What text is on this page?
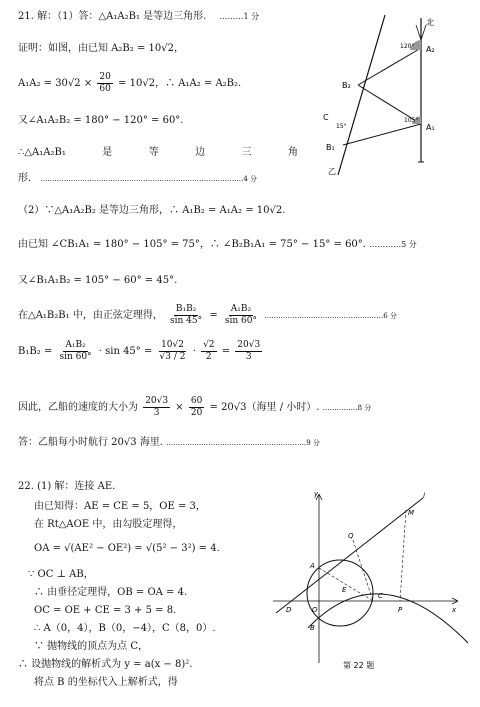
21. 解：（1）答：△A₁A₂B₁ 是等边三角形. ………1 分
证明：如图，由已知 A₂B₂ = 10√2，
$A_1A_2 = 30√2 \times \frac{20}{60} = 10√2$，∴ A₁A₂ = A₂B₂.
又∠A₁A₂B₂ = 180° − 120° = 60°.
∴△A₁A₂B₁	是	等	边	三	角
形. ……………………………………………………………………………4 分
北
120°
105°
A₂
A₁
B₂
C
15°
B₁
乙
（2）∵△A₁A₂B₂ 是等边三角形，∴ A₁B₂ = A₁A₂ = 10√2.
由已知 ∠CB₁A₁ = 180° − 105° = 75°，∴ ∠B₂B₁A₁ = 75° − 15° = 60°. …………5 分
又∠B₁A₁B₂ = 105° − 60° = 45°.
在△A₁B₂B₁ 中，由正弦定理得， $\frac{\text{B₁B₂}}{\sin 45^\circ} = \frac{\text{A₁B₂}}{\sin 60^\circ}$ ……………………………………………6 分
$B_1B_2 = \frac{\text{A₁B₂}}{\sin 60^\circ} \cdot \sin 45^\circ = \frac{10√2}{√3 / 2} \cdot \frac{√2}{2} = \frac{20√3}{3}$
因此，乙船的速度的大小为 $\frac{20√3}{3} \times \frac{60}{20} = 20√3$（海里 / 小时）. ……………8 分
答：乙船每小时航行 20√3 海里. ……………………………………………………9 分
22. (1) 解：连接 AE.
由已知得：AE = CE = 5，OE = 3，
在 Rt△AOE 中，由勾股定理得，
OA = √(AE² − OE²) = √(5² − 3²) = 4.
∵ OC ⊥ AB，
∴ 由垂径定理得，OB = OA = 4.
OC = OE + CE = 3 + 5 = 8.
∴ A（0，4），B（0，−4），C（8，0）.
∵ 抛物线的顶点为点 C，
∴ 设抛物线的解析式为 y = a(x − 8)².
将点 B 的坐标代入上解析式，得
y
x
l
M
Q
A
E
C
P
O
D
B
第 22 题
